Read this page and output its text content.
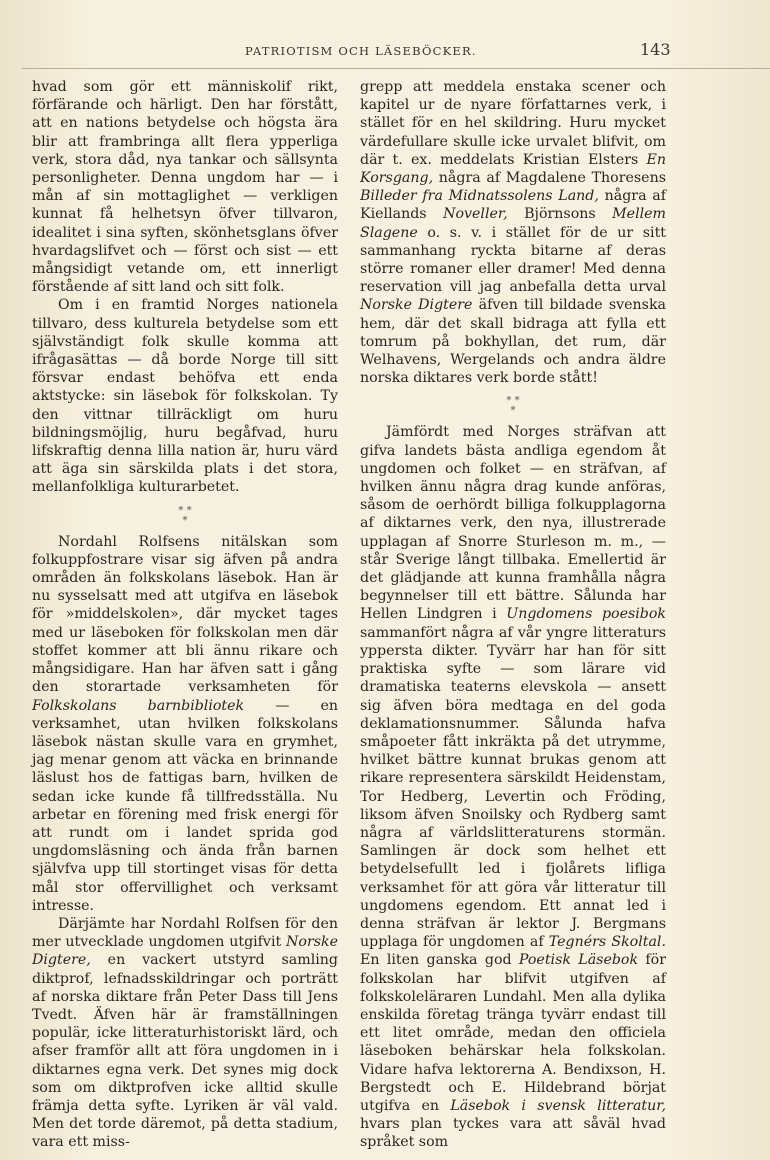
PATRIOTISM OCH LÄSEBÖCKER.	143

hvad som gör ett människolif rikt, förfärande och härligt. Den har förstått, att en nations betydelse och högsta ära blir att frambringa allt flera ypperliga verk, stora dåd, nya tankar och sällsynta personligheter. Denna ungdom har — i mån af sin mottaglighet — verkligen kunnat få helhetsyn öfver tillvaron, idealitet i sina syften, skönhetsglans öfver hvardagslifvet och — först och sist — ett mångsidigt vetande om, ett innerligt förstående af sitt land och sitt folk.

Om i en framtid Norges nationela tillvaro, dess kulturela betydelse som ett självständigt folk skulle komma att ifrågasättas — då borde Norge till sitt försvar endast behöfva ett enda aktstycke: sin läsebok för folkskolan. Ty den vittnar tillräckligt om huru bildningsmöjlig, huru begåfvad, huru lifskraftig denna lilla nation är, huru värd att äga sin särskilda plats i det stora, mellanfolkliga kulturarbetet.

⁎ ⁎
⁎

Nordahl Rolfsens nitälskan som folkuppfostrare visar sig äfven på andra områden än folkskolans läsebok. Han är nu sysselsatt med att utgifva en läsebok för »middelskolen», där mycket tages med ur läseboken för folkskolan men där stoffet kommer att bli ännu rikare och mångsidigare. Han har äfven satt i gång den storartade verksamheten för Folkskolans barnbibliotek — en verksamhet, utan hvilken folkskolans läsebok nästan skulle vara en grymhet, jag menar genom att väcka en brinnande läslust hos de fattigas barn, hvilken de sedan icke kunde få tillfredsställa. Nu arbetar en förening med frisk energi för att rundt om i landet sprida god ungdomsläsning och ända från barnen självfva upp till stortinget visas för detta mål stor offervillighet och verksamt intresse.

Därjämte har Nordahl Rolfsen för den mer utvecklade ungdomen utgifvit Norske Digtere, en vackert utstyrd samling diktprof, lefnadsskildringar och porträtt af norska diktare från Peter Dass till Jens Tvedt. Äfven här är framställningen populär, icke litteraturhistoriskt lärd, och afser framför allt att föra ungdomen in i diktarnes egna verk. Det synes mig dock som om diktprofven icke alltid skulle främja detta syfte. Lyriken är väl vald. Men det torde däremot, på detta stadium, vara ett miss-

grepp att meddela enstaka scener och kapitel ur de nyare författarnes verk, i stället för en hel skildring. Huru mycket värdefullare skulle icke urvalet blifvit, om där t. ex. meddelats Kristian Elsters En Korsgang, några af Magdalene Thoresens Billeder fra Midnatssolens Land, några af Kiellands Noveller, Björnsons Mellem Slagene o. s. v. i stället för de ur sitt sammanhang ryckta bitarne af deras större romaner eller dramer! Med denna reservation vill jag anbefalla detta urval Norske Digtere äfven till bildade svenska hem, där det skall bidraga att fylla ett tomrum på bokhyllan, det rum, där Welhavens, Wergelands och andra äldre norska diktares verk borde stått!

⁎ ⁎
⁎

Jämfördt med Norges sträfvan att gifva landets bästa andliga egendom åt ungdomen och folket — en sträfvan, af hvilken ännu några drag kunde anföras, såsom de oerhördt billiga folkupplagorna af diktarnes verk, den nya, illustrerade upplagan af Snorre Sturleson m. m., — står Sverige långt tillbaka. Emellertid är det glädjande att kunna framhålla några begynnelser till ett bättre. Sålunda har Hellen Lindgren i Ungdomens poesibok sammanfört några af vår yngre litteraturs yppersta dikter. Tyvärr har han för sitt praktiska syfte — som lärare vid dramatiska teaterns elevskola — ansett sig äfven böra medtaga en del goda deklamationsnummer. Sålunda hafva småpoeter fått inkräkta på det utrymme, hvilket bättre kunnat brukas genom att rikare representera särskildt Heidenstam, Tor Hedberg, Levertin och Fröding, liksom äfven Snoilsky och Rydberg samt några af världslitteraturens stormän. Samlingen är dock som helhet ett betydelsefullt led i fjolårets lifliga verksamhet för att göra vår litteratur till ungdomens egendom. Ett annat led i denna sträfvan är lektor J. Bergmans upplaga för ungdomen af Tegnérs Skoltal. En liten ganska god Poetisk Läsebok för folkskolan har blifvit utgifven af folkskoleläraren Lundahl. Men alla dylika enskilda företag tränga tyvärr endast till ett litet område, medan den officiela läseboken behärskar hela folkskolan. Vidare hafva lektorerna A. Bendixson, H. Bergstedt och E. Hildebrand börjat utgifva en Läsebok i svensk litteratur, hvars plan tyckes vara att såväl hvad språket som
